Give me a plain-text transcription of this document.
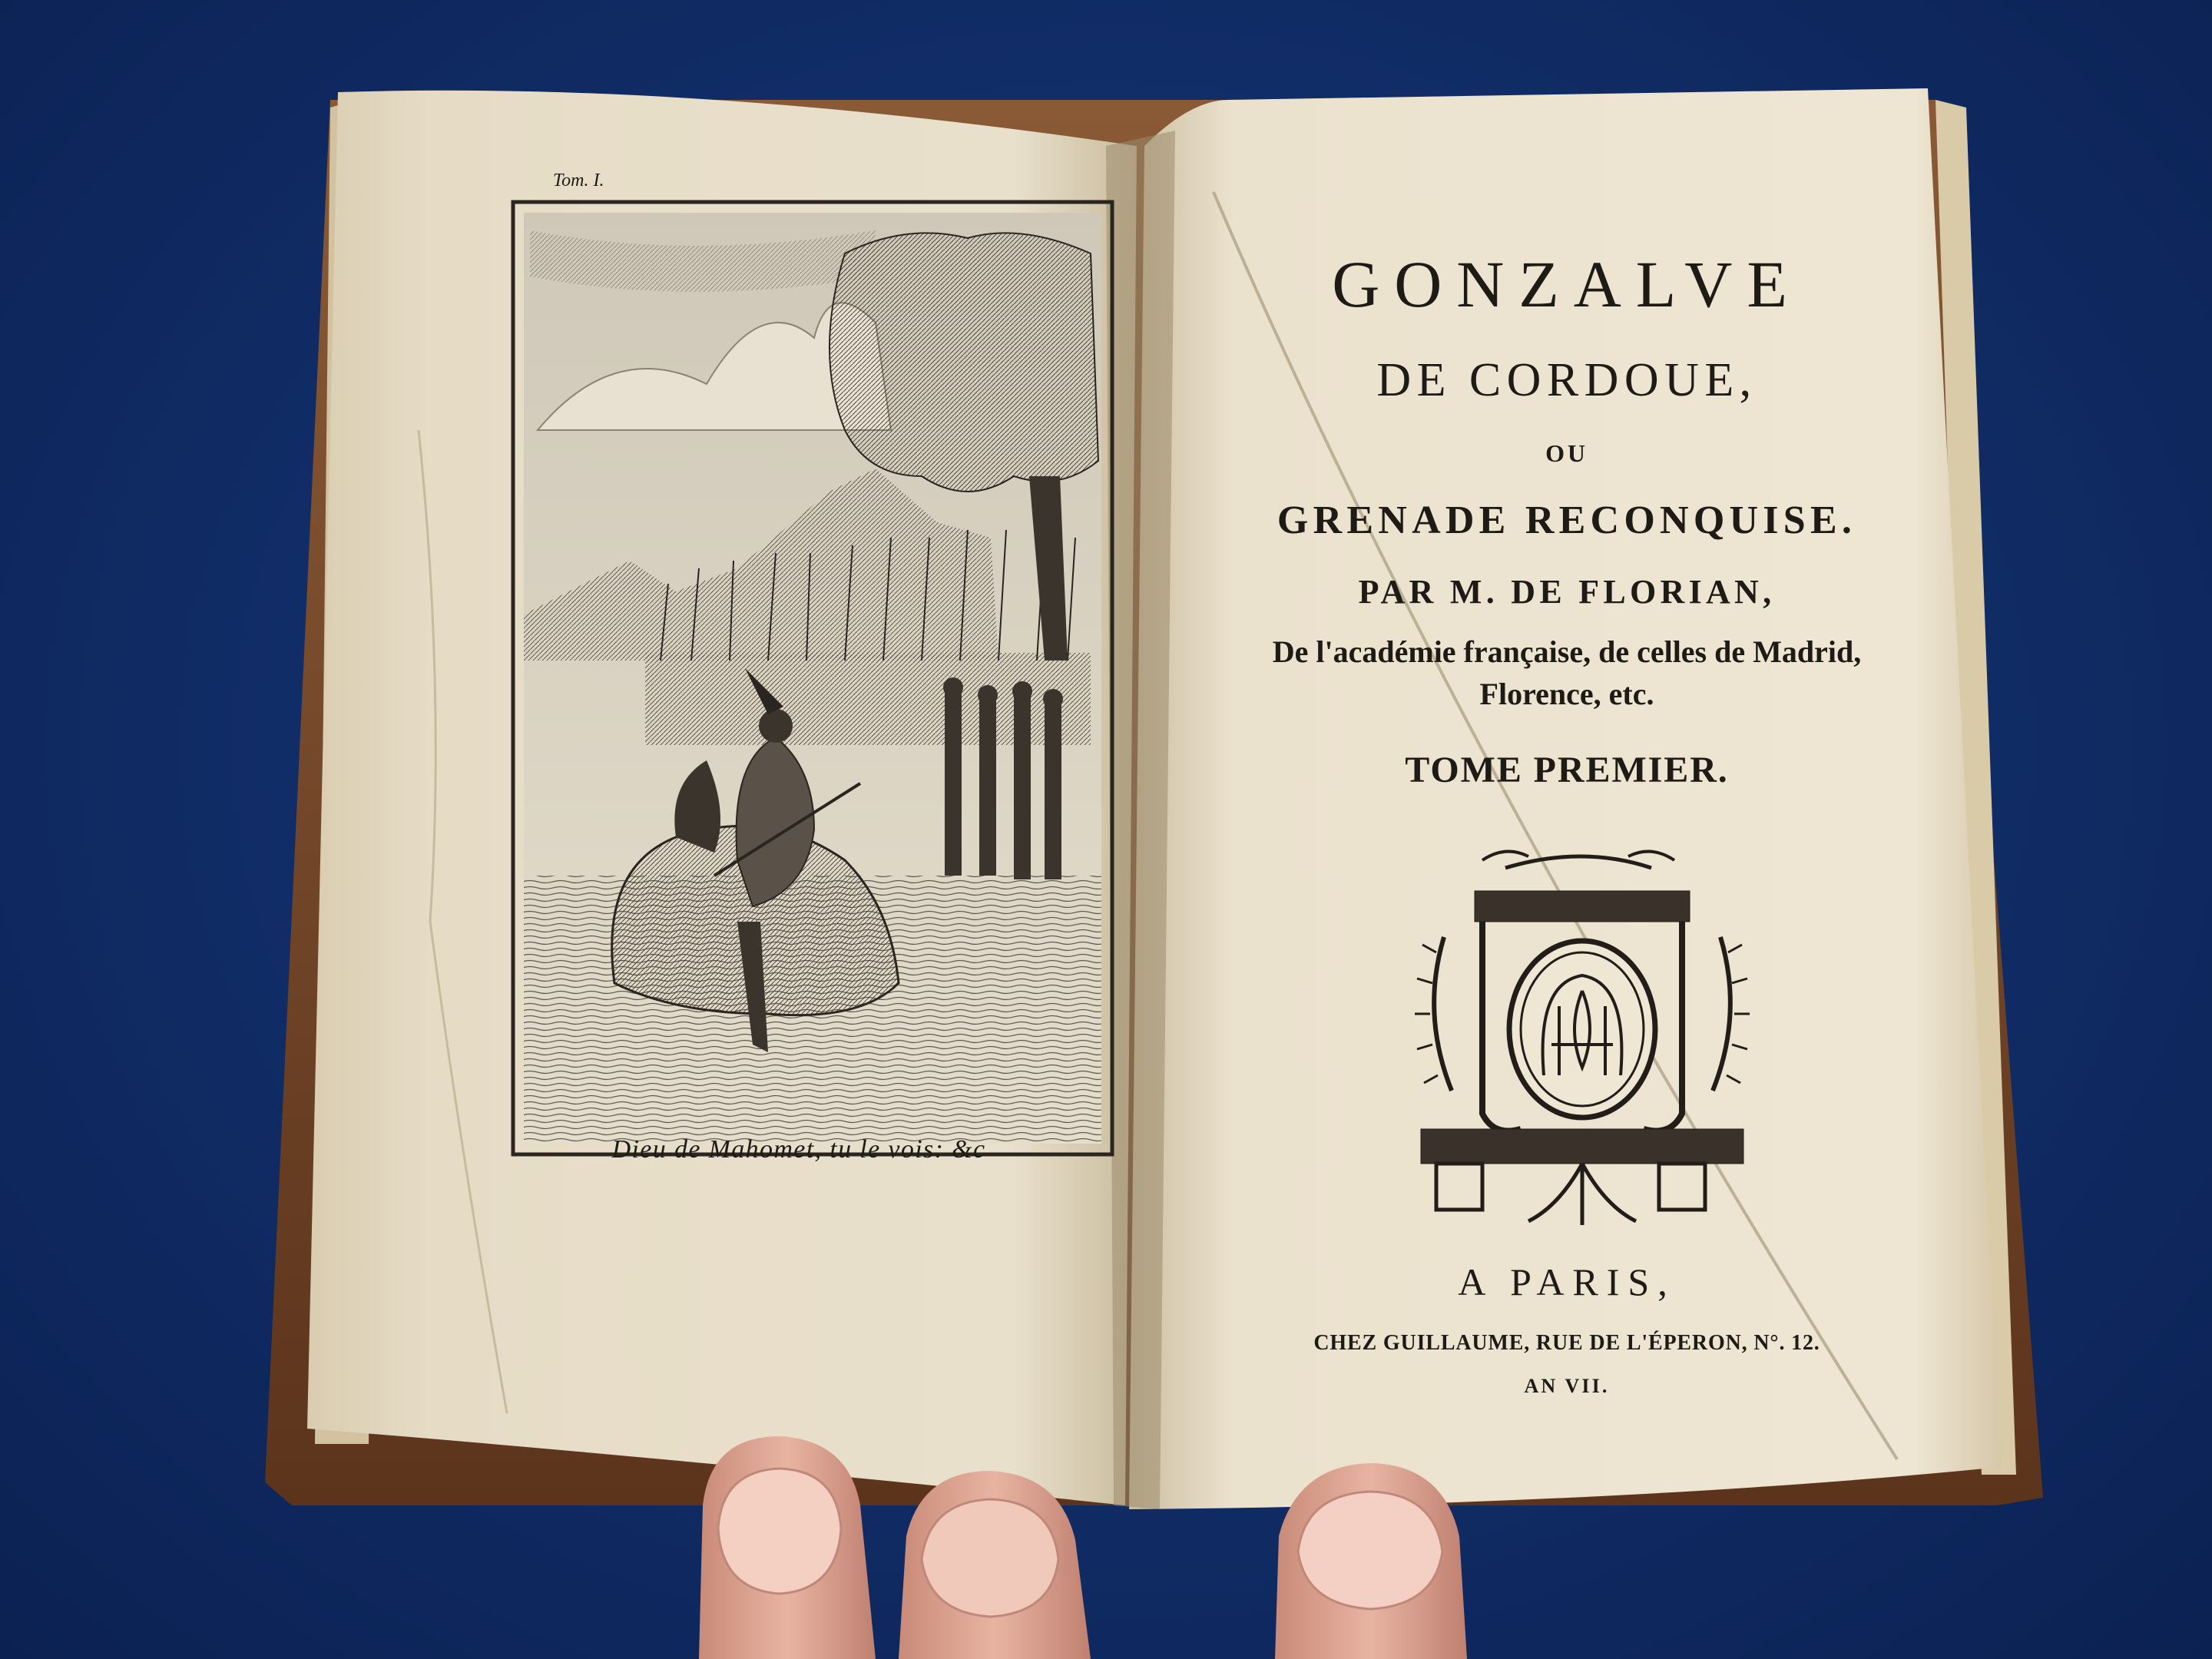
Tom. I.
Dieu de Mahomet, tu le vois: &c
GONZALVE
DE CORDOUE,
OU
GRENADE RECONQUISE.
PAR M. DE FLORIAN,
De l'académie française, de celles de Madrid,
Florence, etc.
TOME PREMIER.
A PARIS,
CHEZ GUILLAUME, RUE DE L'ÉPERON, N°. 12.
AN VII.
